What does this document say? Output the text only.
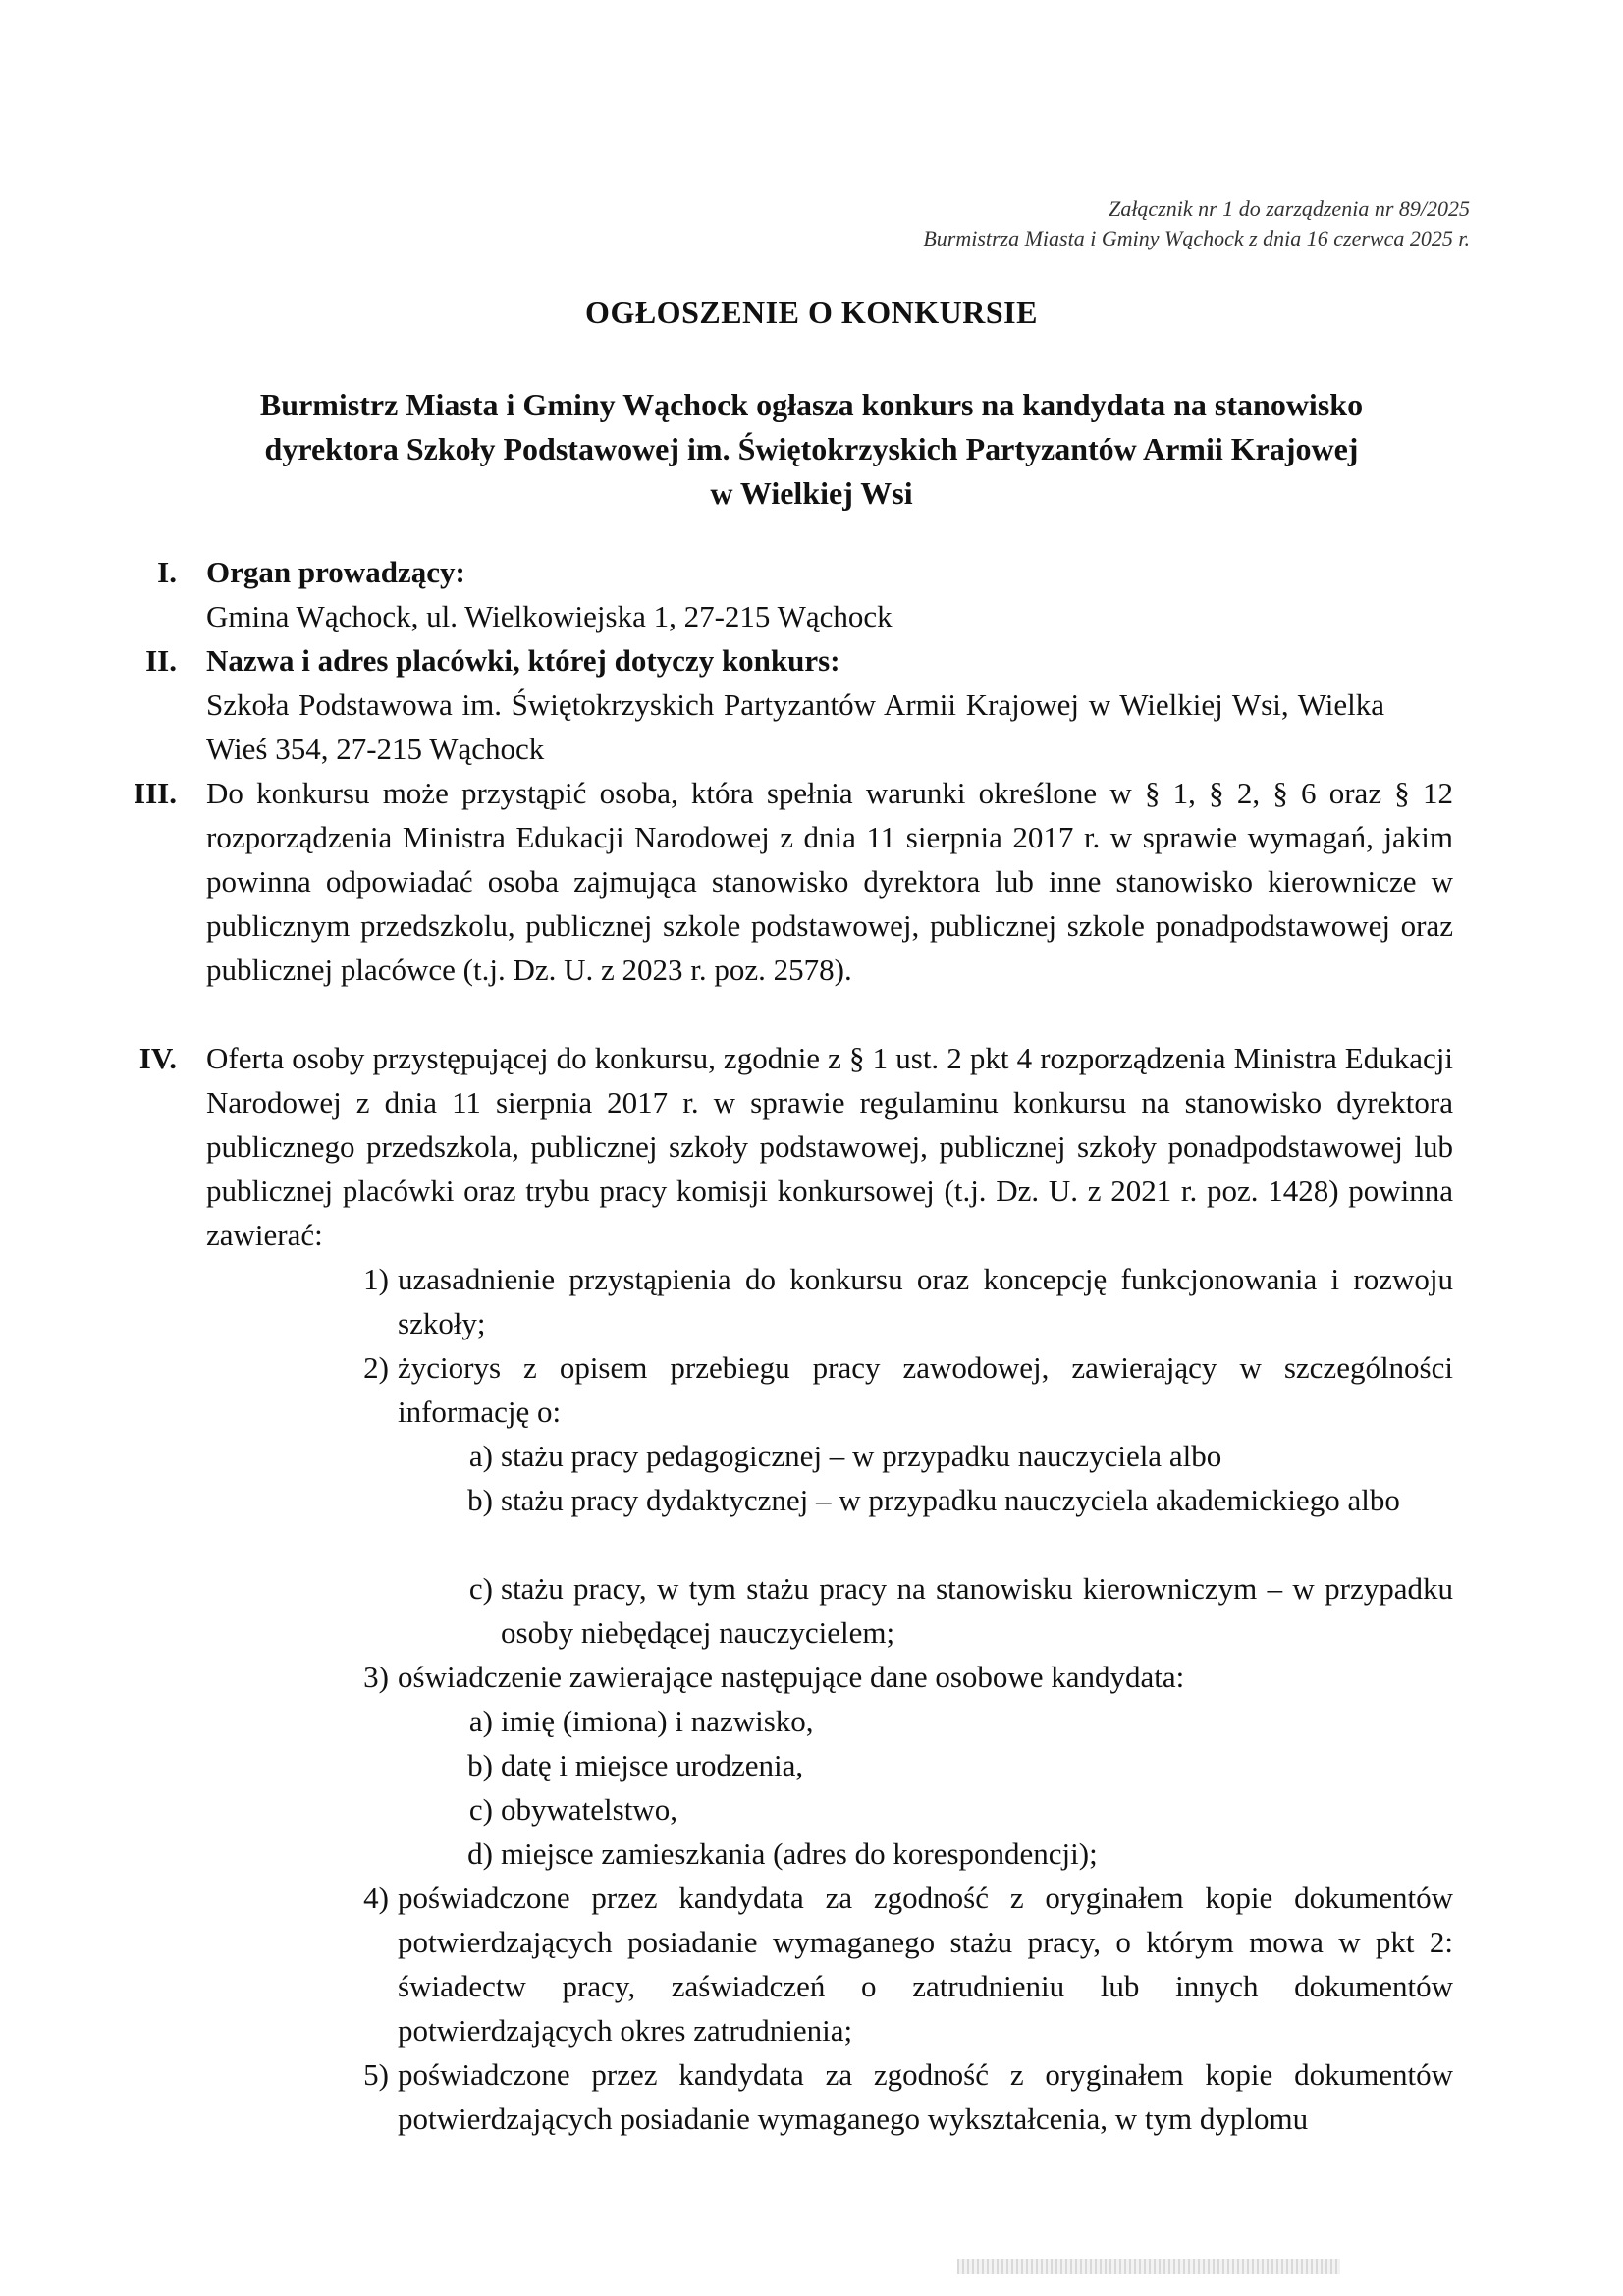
Załącznik nr 1 do zarządzenia nr 89/2025
Burmistrza Miasta i Gminy Wąchock z dnia 16 czerwca 2025 r.
OGŁOSZENIE O KONKURSIE
Burmistrz Miasta i Gminy Wąchock ogłasza konkurs na kandydata na stanowisko
dyrektora Szkoły Podstawowej im. Świętokrzyskich Partyzantów Armii Krajowej
w Wielkiej Wsi
I. Organ prowadzący:
Gmina Wąchock, ul. Wielkowiejska 1, 27-215 Wąchock
II. Nazwa i adres placówki, której dotyczy konkurs:
Szkoła Podstawowa im. Świętokrzyskich Partyzantów Armii Krajowej w Wielkiej Wsi, Wielka Wieś 354, 27-215 Wąchock
III. Do konkursu może przystąpić osoba, która spełnia warunki określone w § 1, § 2, § 6 oraz § 12 rozporządzenia Ministra Edukacji Narodowej z dnia 11 sierpnia 2017 r. w sprawie wymagań, jakim powinna odpowiadać osoba zajmująca stanowisko dyrektora lub inne stanowisko kierownicze w publicznym przedszkolu, publicznej szkole podstawowej, publicznej szkole ponadpodstawowej oraz publicznej placówce (t.j. Dz. U. z 2023 r. poz. 2578).
IV. Oferta osoby przystępującej do konkursu, zgodnie z § 1 ust. 2 pkt 4 rozporządzenia Ministra Edukacji Narodowej z dnia 11 sierpnia 2017 r. w sprawie regulaminu konkursu na stanowisko dyrektora publicznego przedszkola, publicznej szkoły podstawowej, publicznej szkoły ponadpodstawowej lub publicznej placówki oraz trybu pracy komisji konkursowej (t.j. Dz. U. z 2021 r. poz. 1428) powinna zawierać:
1) uzasadnienie przystąpienia do konkursu oraz koncepcję funkcjonowania i rozwoju szkoły;
2) życiorys z opisem przebiegu pracy zawodowej, zawierający w szczególności informację o:
a) stażu pracy pedagogicznej – w przypadku nauczyciela albo
b) stażu pracy dydaktycznej – w przypadku nauczyciela akademickiego albo
c) stażu pracy, w tym stażu pracy na stanowisku kierowniczym – w przypadku osoby niebędącej nauczycielem;
3) oświadczenie zawierające następujące dane osobowe kandydata:
a) imię (imiona) i nazwisko,
b) datę i miejsce urodzenia,
c) obywatelstwo,
d) miejsce zamieszkania (adres do korespondencji);
4) poświadczone przez kandydata za zgodność z oryginałem kopie dokumentów potwierdzających posiadanie wymaganego stażu pracy, o którym mowa w pkt 2: świadectw pracy, zaświadczeń o zatrudnieniu lub innych dokumentów potwierdzających okres zatrudnienia;
5) poświadczone przez kandydata za zgodność z oryginałem kopie dokumentów potwierdzających posiadanie wymaganego wykształcenia, w tym dyplomu
